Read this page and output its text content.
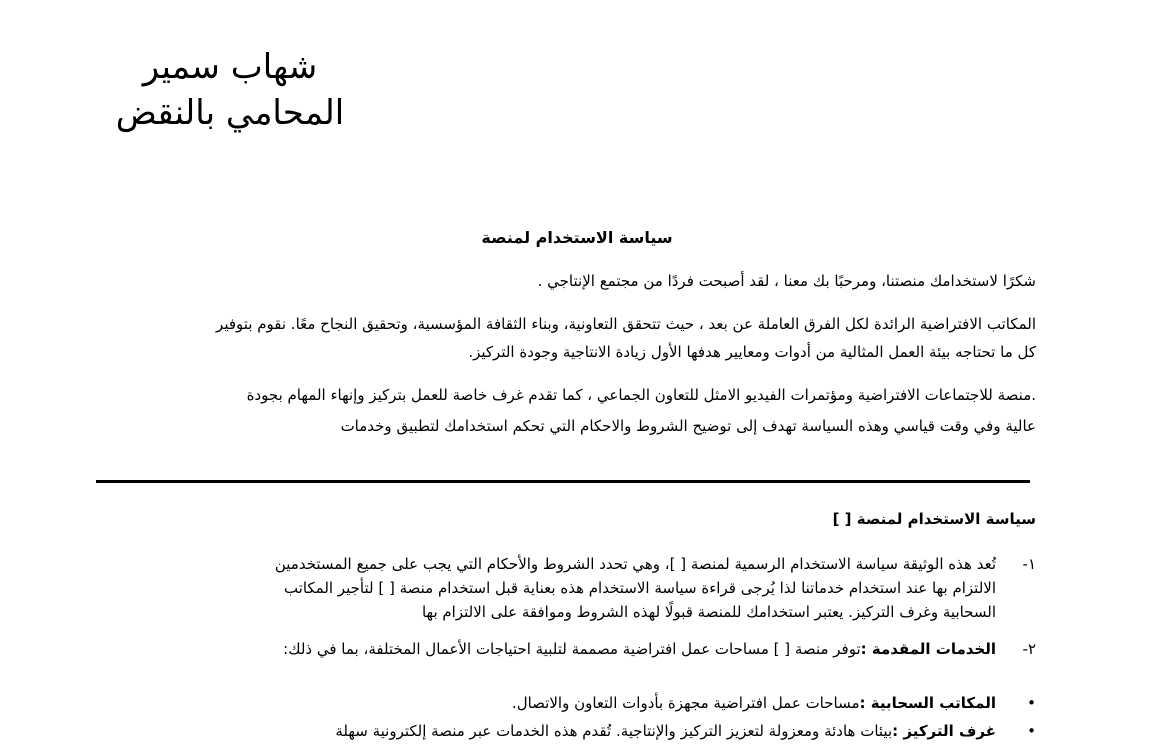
شهاب سمير
المحامي بالنقض
سياسة الاستخدام لمنصة
شكرًا لاستخدامك منصتنا، ومرحبًا بك معنا ، لقد أصبحت فردًا من مجتمع الإنتاجي .
المكاتب الافتراضية الرائدة لكل الفرق العاملة عن بعد ، حيث تتحقق التعاونية، وبناء الثقافة المؤسسية، وتحقيق النجاح معًا. نقوم بتوفير
كل ما تحتاجه بيئة العمل المثالية من أدوات ومعايير هدفها الأول زيادة الانتاجية وجودة التركيز.
.منصة للاجتماعات الافتراضية ومؤتمرات الفيديو الامثل للتعاون الجماعي ، كما تقدم غرف خاصة للعمل بتركيز وإنهاء المهام بجودة
عالية وفي وقت قياسي وهذه السياسة تهدف إلى توضيح الشروط والاحكام التي تحكم استخدامك لتطبيق وخدمات
سياسة الاستخدام لمنصة [ ]
١-
تُعد هذه الوثيقة سياسة الاستخدام الرسمية لمنصة [ ]، وهي تحدد الشروط والأحكام التي يجب على جميع المستخدمين
الالتزام بها عند استخدام خدماتنا لذا يُرجى قراءة سياسة الاستخدام هذه بعناية قبل استخدام منصة [ ] لتأجير المكاتب
السحابية وغرف التركيز. يعتبر استخدامك للمنصة قبولًا لهذه الشروط وموافقة على الالتزام بها
٢-
الخدمات المقدمة :توفر منصة [ ] مساحات عمل افتراضية مصممة لتلبية احتياجات الأعمال المختلفة، بما في ذلك:
•
المكاتب السحابية :مساحات عمل افتراضية مجهزة بأدوات التعاون والاتصال.
•
غرف التركيز :بيئات هادئة ومعزولة لتعزيز التركيز والإنتاجية. تُقدم هذه الخدمات عبر منصة إلكترونية سهلة
